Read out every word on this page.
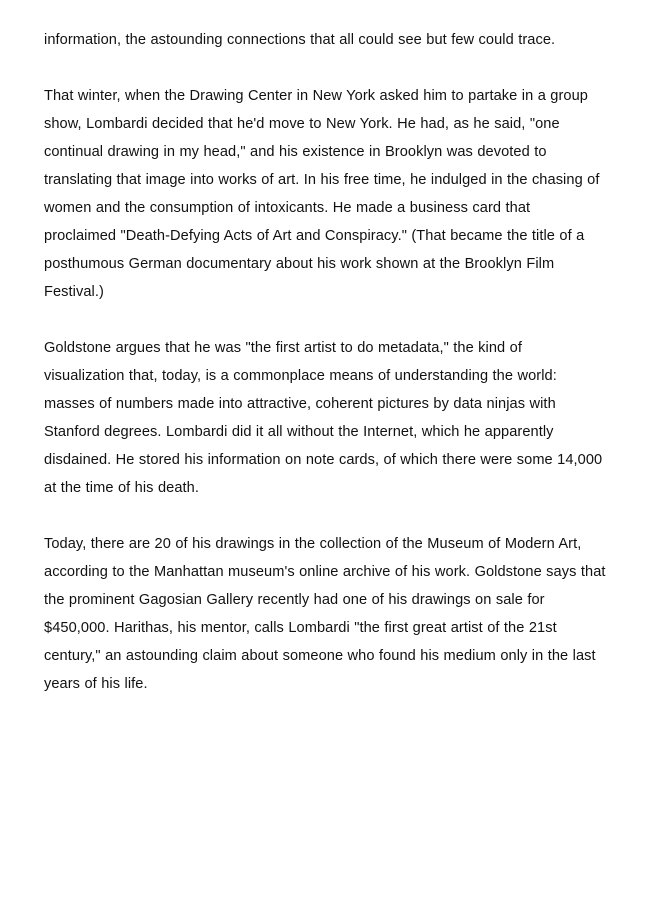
information, the astounding connections that all could see but few could trace.

That winter, when the Drawing Center in New York asked him to partake in a group show, Lombardi decided that he'd move to New York. He had, as he said, "one continual drawing in my head," and his existence in Brooklyn was devoted to translating that image into works of art. In his free time, he indulged in the chasing of women and the consumption of intoxicants. He made a business card that proclaimed "Death-Defying Acts of Art and Conspiracy." (That became the title of a posthumous German documentary about his work shown at the Brooklyn Film Festival.)

Goldstone argues that he was "the first artist to do metadata," the kind of visualization that, today, is a commonplace means of understanding the world: masses of numbers made into attractive, coherent pictures by data ninjas with Stanford degrees. Lombardi did it all without the Internet, which he apparently disdained. He stored his information on note cards, of which there were some 14,000 at the time of his death.

Today, there are 20 of his drawings in the collection of the Museum of Modern Art, according to the Manhattan museum's online archive of his work. Goldstone says that the prominent Gagosian Gallery recently had one of his drawings on sale for $450,000. Harithas, his mentor, calls Lombardi "the first great artist of the 21st century," an astounding claim about someone who found his medium only in the last years of his life.
